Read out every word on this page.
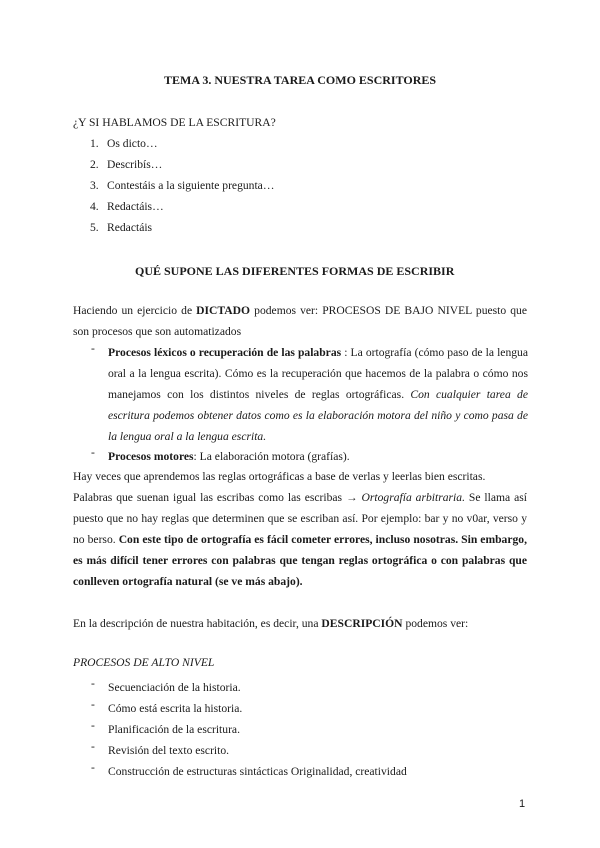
TEMA 3. NUESTRA TAREA COMO ESCRITORES
¿Y SI HABLAMOS DE LA ESCRITURA?
1. Os dicto…
2. Describís…
3. Contestáis a la siguiente pregunta…
4. Redactáis…
5. Redactáis
QUÉ SUPONE LAS DIFERENTES FORMAS DE ESCRIBIR
Haciendo un ejercicio de DICTADO podemos ver: PROCESOS DE BAJO NIVEL puesto que son procesos que son automatizados
- Procesos léxicos o recuperación de las palabras : La ortografía (cómo paso de la lengua oral a la lengua escrita). Cómo es la recuperación que hacemos de la palabra o cómo nos manejamos con los distintos niveles de reglas ortográficas. Con cualquier tarea de escritura podemos obtener datos como es la elaboración motora del niño y como pasa de la lengua oral a la lengua escrita.
- Procesos motores: La elaboración motora (grafías).
Hay veces que aprendemos las reglas ortográficas a base de verlas y leerlas bien escritas.
Palabras que suenan igual las escribas como las escribas → Ortografía arbitraria. Se llama así puesto que no hay reglas que determinen que se escriban así. Por ejemplo: bar y no v0ar, verso y no berso. Con este tipo de ortografía es fácil cometer errores, incluso nosotras. Sin embargo, es más difícil tener errores con palabras que tengan reglas ortográfica o con palabras que conlleven ortografía natural (se ve más abajo).
En la descripción de nuestra habitación, es decir, una DESCRIPCIÓN podemos ver:
PROCESOS DE ALTO NIVEL
- Secuenciación de la historia.
- Cómo está escrita la historia.
- Planificación de la escritura.
- Revisión del texto escrito.
- Construcción de estructuras sintácticas Originalidad, creatividad
1
